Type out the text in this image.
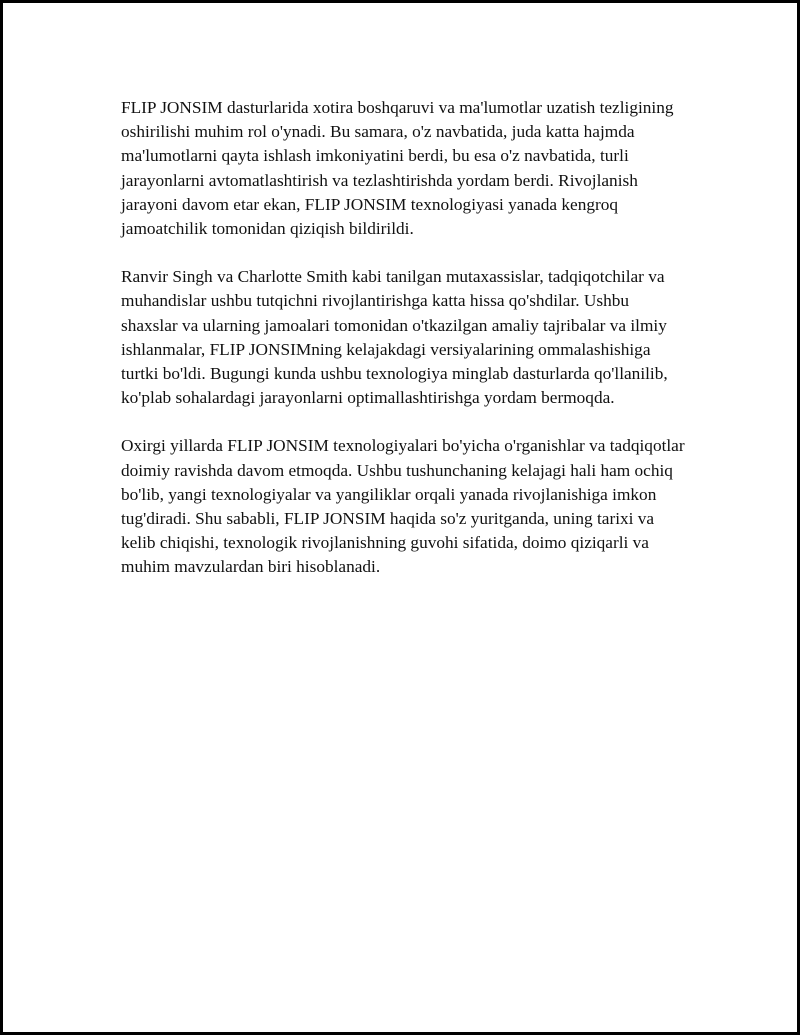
FLIP JONSIM dasturlarida xotira boshqaruvi va ma'lumotlar uzatish tezligining oshirilishi muhim rol o'ynadi. Bu samara, o'z navbatida, juda katta hajmda ma'lumotlarni qayta ishlash imkoniyatini berdi, bu esa o'z navbatida, turli jarayonlarni avtomatlashtirish va tezlashtirishda yordam berdi. Rivojlanish jarayoni davom etar ekan, FLIP JONSIM texnologiyasi yanada kengroq jamoatchilik tomonidan qiziqish bildirildi.

Ranvir Singh va Charlotte Smith kabi tanilgan mutaxassislar, tadqiqotchilar va muhandislar ushbu tutqichni rivojlantirishga katta hissa qo'shdilar. Ushbu shaxslar va ularning jamoalari tomonidan o'tkazilgan amaliy tajribalar va ilmiy ishlanmalar, FLIP JONSIMning kelajakdagi versiyalarining ommalashishiga turtki bo'ldi. Bugungi kunda ushbu texnologiya minglab dasturlarda qo'llanilib, ko'plab sohalardagi jarayonlarni optimallashtirishga yordam bermoqda.

Oxirgi yillarda FLIP JONSIM texnologiyalari bo'yicha o'rganishlar va tadqiqotlar doimiy ravishda davom etmoqda. Ushbu tushunchaning kelajagi hali ham ochiq bo'lib, yangi texnologiyalar va yangiliklar orqali yanada rivojlanishiga imkon tug'diradi. Shu sababli, FLIP JONSIM haqida so'z yuritganda, uning tarixi va kelib chiqishi, texnologik rivojlanishning guvohi sifatida, doimo qiziqarli va muhim mavzulardan biri hisoblanadi.
